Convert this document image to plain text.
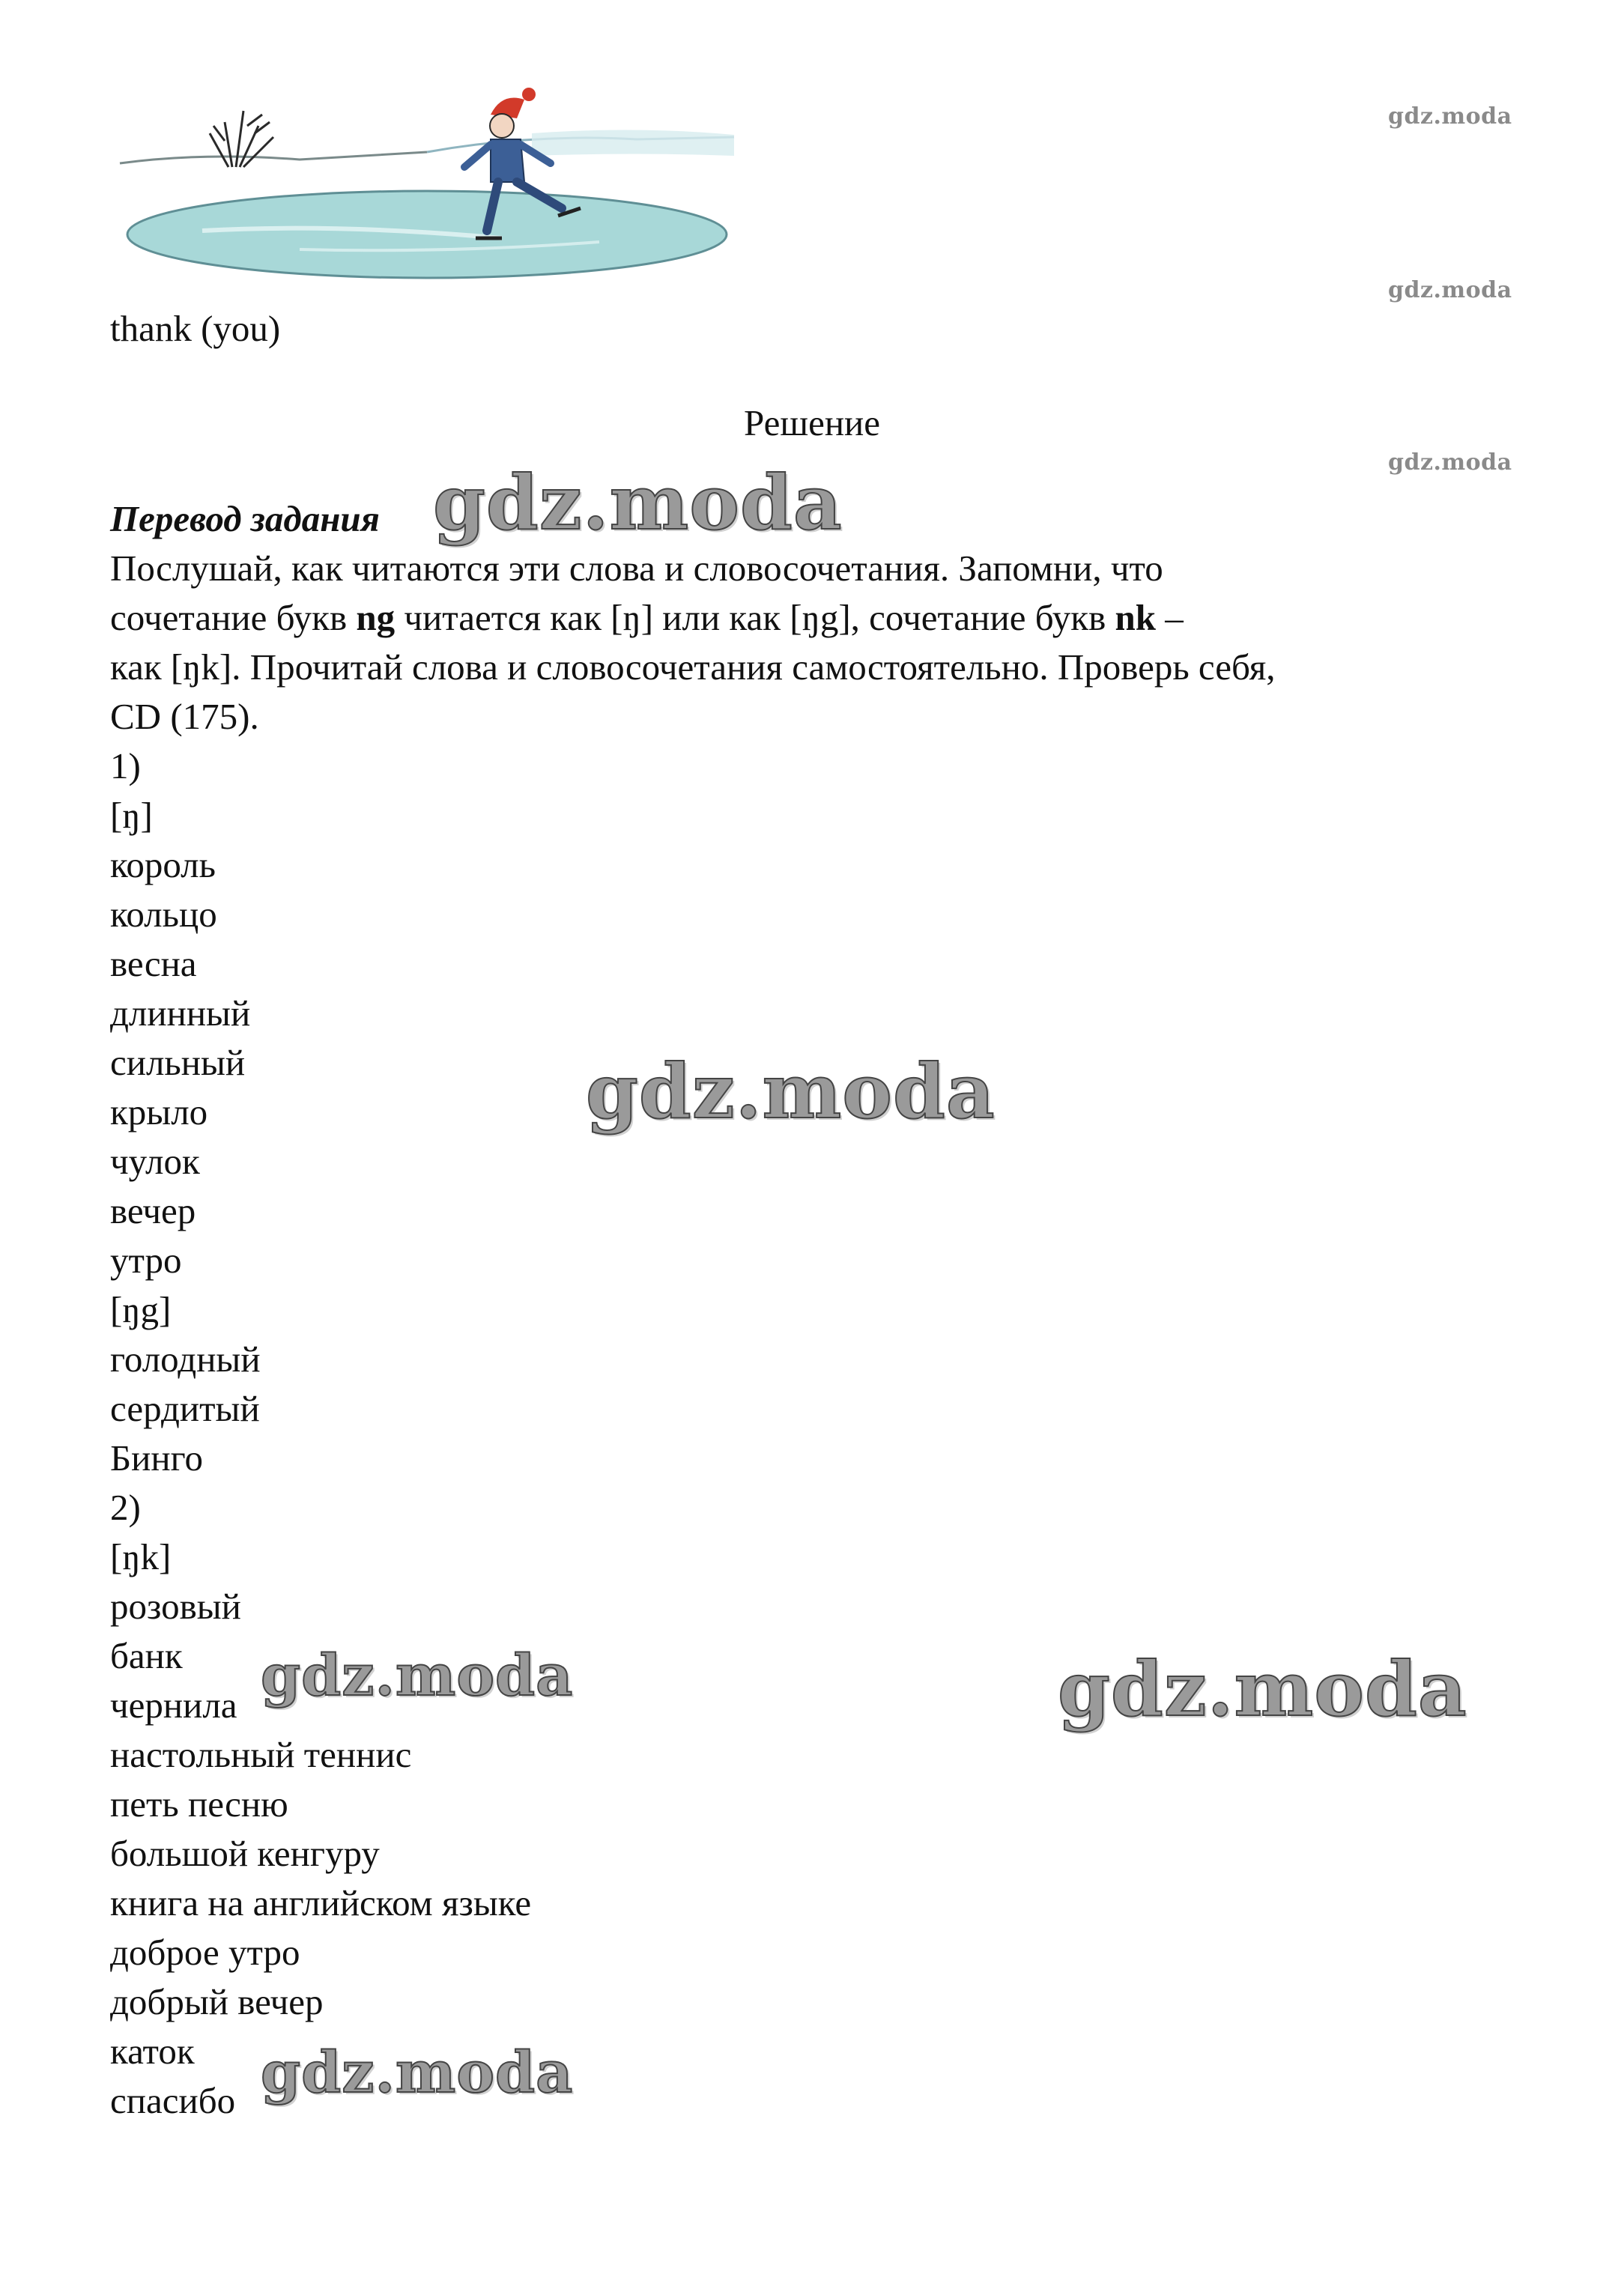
gdz.moda
gdz.moda
gdz.moda
thank (you)
Решение
Перевод задания
Послушай, как читаются эти слова и словосочетания. Запомни, что
сочетание букв ng читается как [ŋ] или как [ŋg], сочетание букв nk –
как [ŋk]. Прочитай слова и словосочетания самостоятельно. Проверь себя,
CD (175).
1)
[ŋ]
король
кольцо
весна
длинный
сильный
крыло
чулок
вечер
утро
[ŋg]
голодный
сердитый
Бинго
2)
[ŋk]
розовый
банк
чернила
настольный теннис
петь песню
большой кенгуру
книга на английском языке
доброе утро
добрый вечер
каток
спасибо
gdz.moda
gdz.moda
gdz.moda	gdz.moda
gdz.moda
